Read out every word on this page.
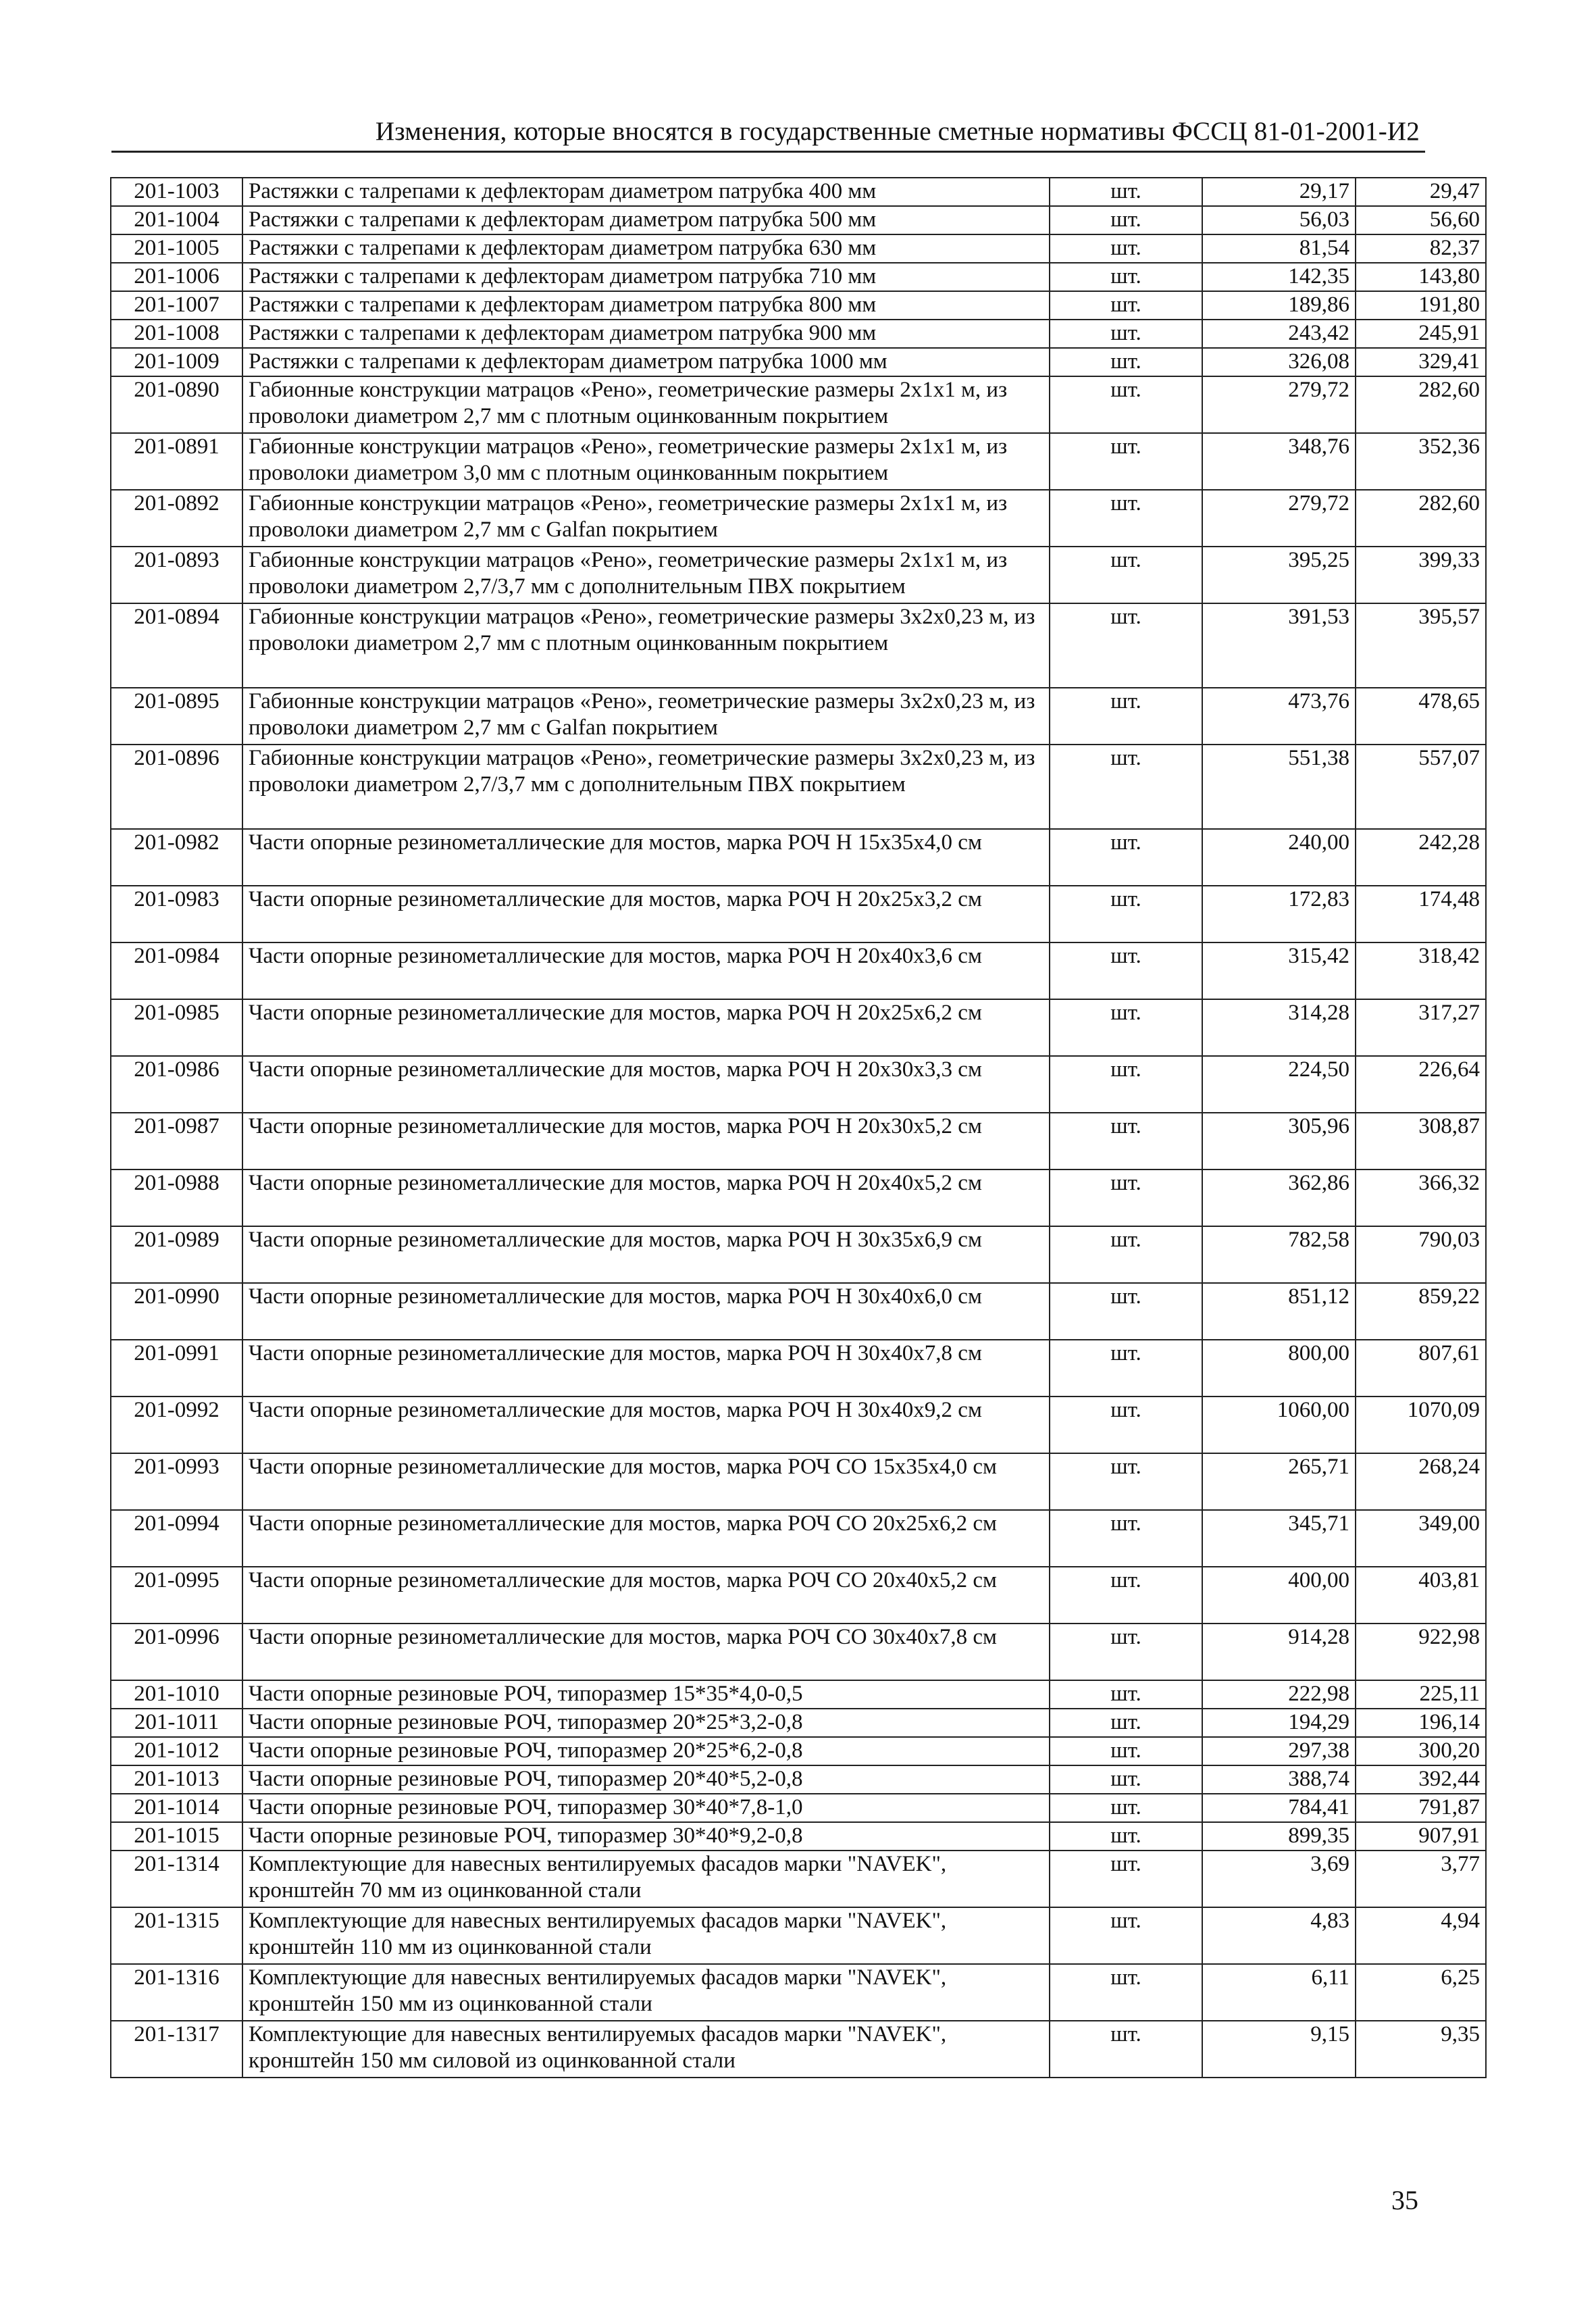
Изменения, которые вносятся в государственные сметные нормативы ФССЦ 81-01-2001-И2
201-1003	Растяжки с талрепами к дефлекторам диаметром патрубка 400 мм	шт.	29,17	29,47
201-1004	Растяжки с талрепами к дефлекторам диаметром патрубка 500 мм	шт.	56,03	56,60
201-1005	Растяжки с талрепами к дефлекторам диаметром патрубка 630 мм	шт.	81,54	82,37
201-1006	Растяжки с талрепами к дефлекторам диаметром патрубка 710 мм	шт.	142,35	143,80
201-1007	Растяжки с талрепами к дефлекторам диаметром патрубка 800 мм	шт.	189,86	191,80
201-1008	Растяжки с талрепами к дефлекторам диаметром патрубка 900 мм	шт.	243,42	245,91
201-1009	Растяжки с талрепами к дефлекторам диаметром патрубка 1000 мм	шт.	326,08	329,41
201-0890	Габионные конструкции матрацов «Рено», геометрические размеры 2х1х1 м, из проволоки диаметром 2,7 мм с плотным оцинкованным покрытием	шт.	279,72	282,60
201-0891	Габионные конструкции матрацов «Рено», геометрические размеры 2х1х1 м, из проволоки диаметром 3,0 мм с плотным оцинкованным покрытием	шт.	348,76	352,36
201-0892	Габионные конструкции матрацов «Рено», геометрические размеры 2х1х1 м, из проволоки диаметром 2,7 мм с Galfan покрытием	шт.	279,72	282,60
201-0893	Габионные конструкции матрацов «Рено», геометрические размеры 2х1х1 м, из проволоки диаметром 2,7/3,7 мм с дополнительным ПВХ покрытием	шт.	395,25	399,33
201-0894	Габионные конструкции матрацов «Рено», геометрические размеры 3х2х0,23 м, из проволоки диаметром 2,7 мм с плотным оцинкованным покрытием	шт.	391,53	395,57
201-0895	Габионные конструкции матрацов «Рено», геометрические размеры 3х2х0,23 м, из проволоки диаметром 2,7 мм с Galfan покрытием	шт.	473,76	478,65
201-0896	Габионные конструкции матрацов «Рено», геометрические размеры 3х2х0,23 м, из проволоки диаметром 2,7/3,7 мм с дополнительным ПВХ покрытием	шт.	551,38	557,07
201-0982	Части опорные резинометаллические для мостов, марка РОЧ Н 15х35х4,0 см	шт.	240,00	242,28
201-0983	Части опорные резинометаллические для мостов, марка РОЧ Н 20х25х3,2 см	шт.	172,83	174,48
201-0984	Части опорные резинометаллические для мостов, марка РОЧ Н 20х40х3,6 см	шт.	315,42	318,42
201-0985	Части опорные резинометаллические для мостов, марка РОЧ Н 20х25х6,2 см	шт.	314,28	317,27
201-0986	Части опорные резинометаллические для мостов, марка РОЧ Н 20х30х3,3 см	шт.	224,50	226,64
201-0987	Части опорные резинометаллические для мостов, марка РОЧ Н 20х30х5,2 см	шт.	305,96	308,87
201-0988	Части опорные резинометаллические для мостов, марка РОЧ Н 20х40х5,2 см	шт.	362,86	366,32
201-0989	Части опорные резинометаллические для мостов, марка РОЧ Н 30х35х6,9 см	шт.	782,58	790,03
201-0990	Части опорные резинометаллические для мостов, марка РОЧ Н 30х40х6,0 см	шт.	851,12	859,22
201-0991	Части опорные резинометаллические для мостов, марка РОЧ Н 30х40х7,8 см	шт.	800,00	807,61
201-0992	Части опорные резинометаллические для мостов, марка РОЧ Н 30х40х9,2 см	шт.	1060,00	1070,09
201-0993	Части опорные резинометаллические для мостов, марка РОЧ СО 15х35х4,0 см	шт.	265,71	268,24
201-0994	Части опорные резинометаллические для мостов, марка РОЧ СО 20х25х6,2 см	шт.	345,71	349,00
201-0995	Части опорные резинометаллические для мостов, марка РОЧ СО 20х40х5,2 см	шт.	400,00	403,81
201-0996	Части опорные резинометаллические для мостов, марка РОЧ СО 30х40х7,8 см	шт.	914,28	922,98
201-1010	Части опорные резиновые РОЧ, типоразмер 15*35*4,0-0,5	шт.	222,98	225,11
201-1011	Части опорные резиновые РОЧ, типоразмер 20*25*3,2-0,8	шт.	194,29	196,14
201-1012	Части опорные резиновые РОЧ, типоразмер 20*25*6,2-0,8	шт.	297,38	300,20
201-1013	Части опорные резиновые РОЧ, типоразмер 20*40*5,2-0,8	шт.	388,74	392,44
201-1014	Части опорные резиновые РОЧ, типоразмер 30*40*7,8-1,0	шт.	784,41	791,87
201-1015	Части опорные резиновые РОЧ, типоразмер 30*40*9,2-0,8	шт.	899,35	907,91
201-1314	Комплектующие для навесных вентилируемых фасадов марки "NAVEK", кронштейн 70 мм из оцинкованной стали	шт.	3,69	3,77
201-1315	Комплектующие для навесных вентилируемых фасадов марки "NAVEK", кронштейн 110 мм из оцинкованной стали	шт.	4,83	4,94
201-1316	Комплектующие для навесных вентилируемых фасадов марки "NAVEK", кронштейн 150 мм из оцинкованной стали	шт.	6,11	6,25
201-1317	Комплектующие для навесных вентилируемых фасадов марки "NAVEK", кронштейн 150 мм силовой из оцинкованной стали	шт.	9,15	9,35
35
